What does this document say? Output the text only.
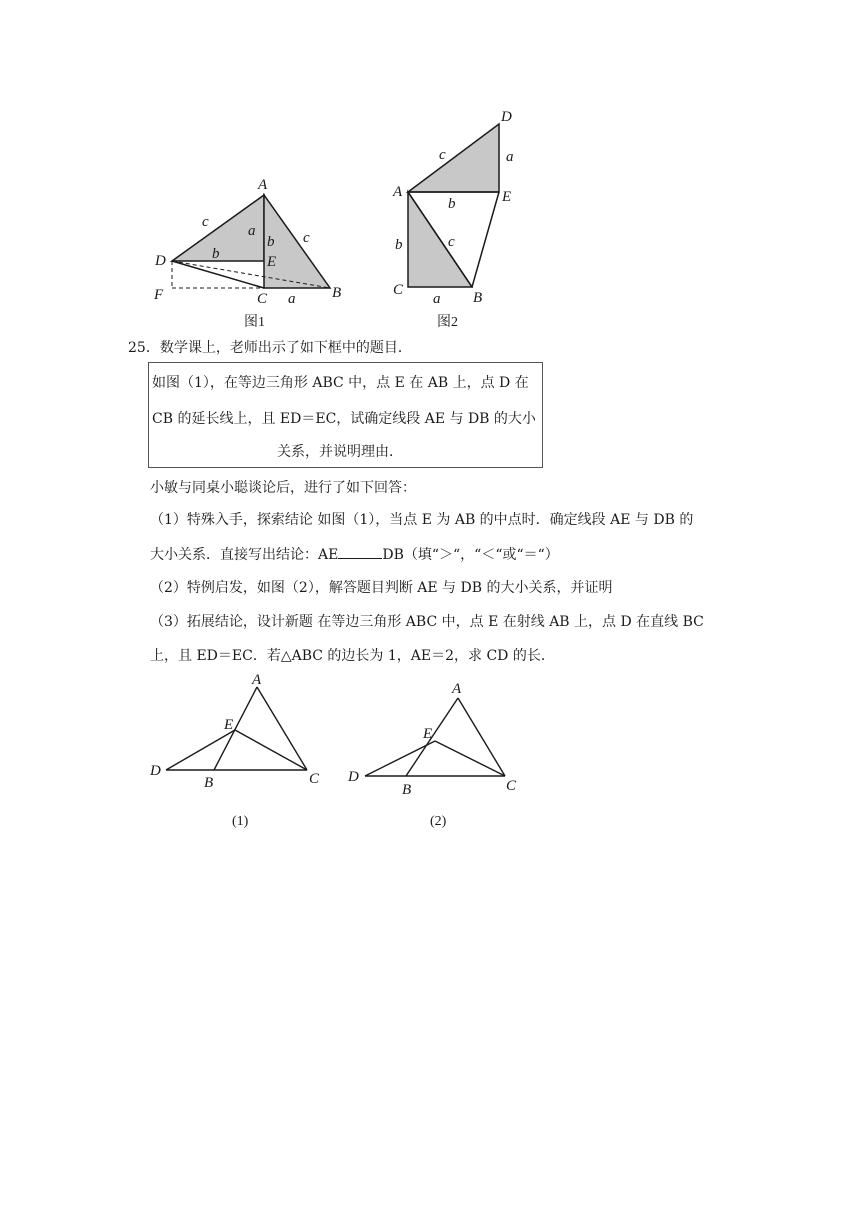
A
B
C
D	E
F
c
a
b
b c
a
图1
A
B
C
D
E
c	a
b
b	c
a
图2
25．数学课上，老师出示了如下框中的题目．
如图（1），在等边三角形 ABC 中，点 E 在 AB 上，点 D 在
CB 的延长线上，且 ED＝EC，试确定线段 AE 与 DB 的大小
关系，并说明理由．
小敏与同桌小聪谈论后，进行了如下回答：
（1）特殊入手，探索结论 如图（1），当点 E 为 AB 的中点时．确定线段 AE 与 DB 的
大小关系．直接写出结论：AE	DB（填“＞“，“＜“或“＝“）
（2）特例启发，如图（2），解答题目判断 AE 与 DB 的大小关系，并证明
（3）拓展结论，设计新题 在等边三角形 ABC 中，点 E 在射线 AB 上，点 D 在直线 BC
上，且 ED＝EC．若△ABC 的边长为 1，AE＝2，求 CD 的长．
A
B	C
D
E
(1)
A
B	C
D
E
(2)
